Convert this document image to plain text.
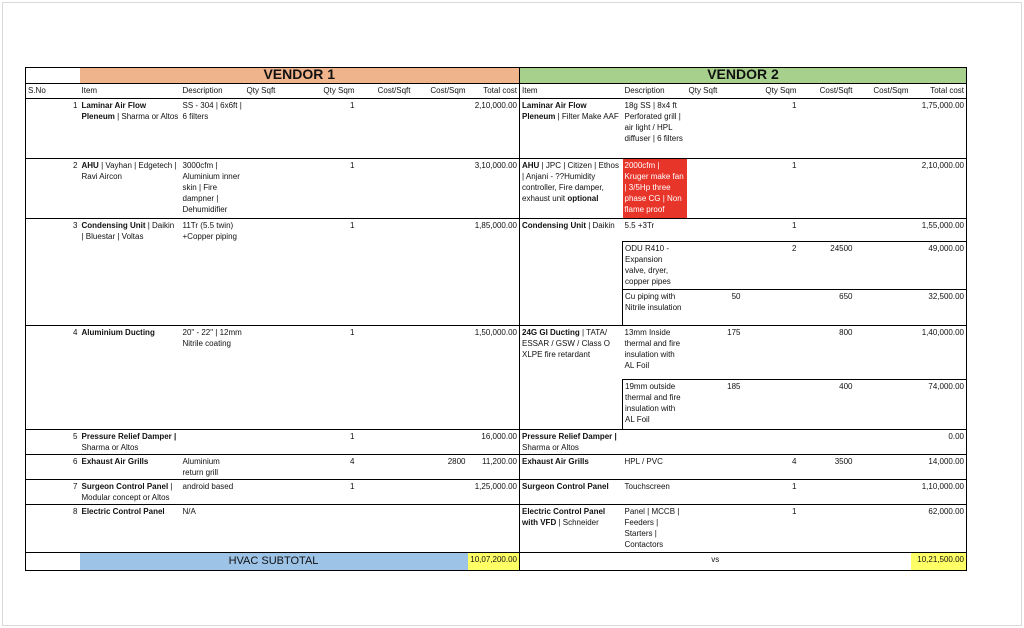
	VENDOR 1							VENDOR 2						
S.No	Item	Description	Qty Sqft	Qty Sqm	Cost/Sqft	Cost/Sqm	Total cost	Item	Description	Qty Sqft	Qty Sqm	Cost/Sqft	Cost/Sqm	Total cost
1	Laminar Air Flow Pleneum | Sharma or Altos	SS - 304 | 6x6ft | 6 filters		1			2,10,000.00	Laminar Air Flow Pleneum | Filter Make AAF	18g SS | 8x4 ft Perforated grill | air light / HPL diffuser | 6 filters		1			1,75,000.00
2	AHU | Vayhan | Edgetech | Ravi Aircon	3000cfm | Aluminium inner skin | Fire dampner | Dehumidifier		1			3,10,000.00	AHU | JPC | Citizen | Ethos | Anjani - ??Humidity controller, Fire damper, exhaust unit optional	2000cfm | Kruger make fan | 3/5Hp three phase CG | Non flame proof		1			2,10,000.00
3	Condensing Unit | Daikin | Bluestar | Voltas	11Tr (5.5 twin) +Copper piping		1			1,85,000.00	Condensing Unit | Daikin	5.5 +3Tr		1			1,55,000.00
									ODU R410 - Expansion valve, dryer, copper pipes		2	24500		49,000.00
									Cu piping with Nitrile insulation	50		650		32,500.00
4	Aluminium Ducting	20" - 22" | 12mm Nitrile coating		1			1,50,000.00	24G GI Ducting | TATA/ ESSAR / GSW / Class O XLPE fire retardant	13mm Inside thermal and fire insulation with AL Foil	175		800		1,40,000.00
									19mm outside thermal and fire insulation with AL Foil	185		400		74,000.00
5	Pressure Relief Damper | Sharma or Altos			1			16,000.00	Pressure Relief Damper | Sharma or Altos						0.00
6	Exhaust Air Grills	Aluminium return grill		4		2800	11,200.00	Exhaust Air Grills	HPL / PVC		4	3500		14,000.00
7	Surgeon Control Panel | Modular concept or Altos	android based		1			1,25,000.00	Surgeon Control Panel	Touchscreen		1			1,10,000.00
8	Electric Control Panel	N/A						Electric Control Panel with VFD | Schneider	Panel | MCCB | Feeders | Starters | Contactors		1			62,000.00
	HVAC SUBTOTAL						10,07,200.00	vs						10,21,500.00
